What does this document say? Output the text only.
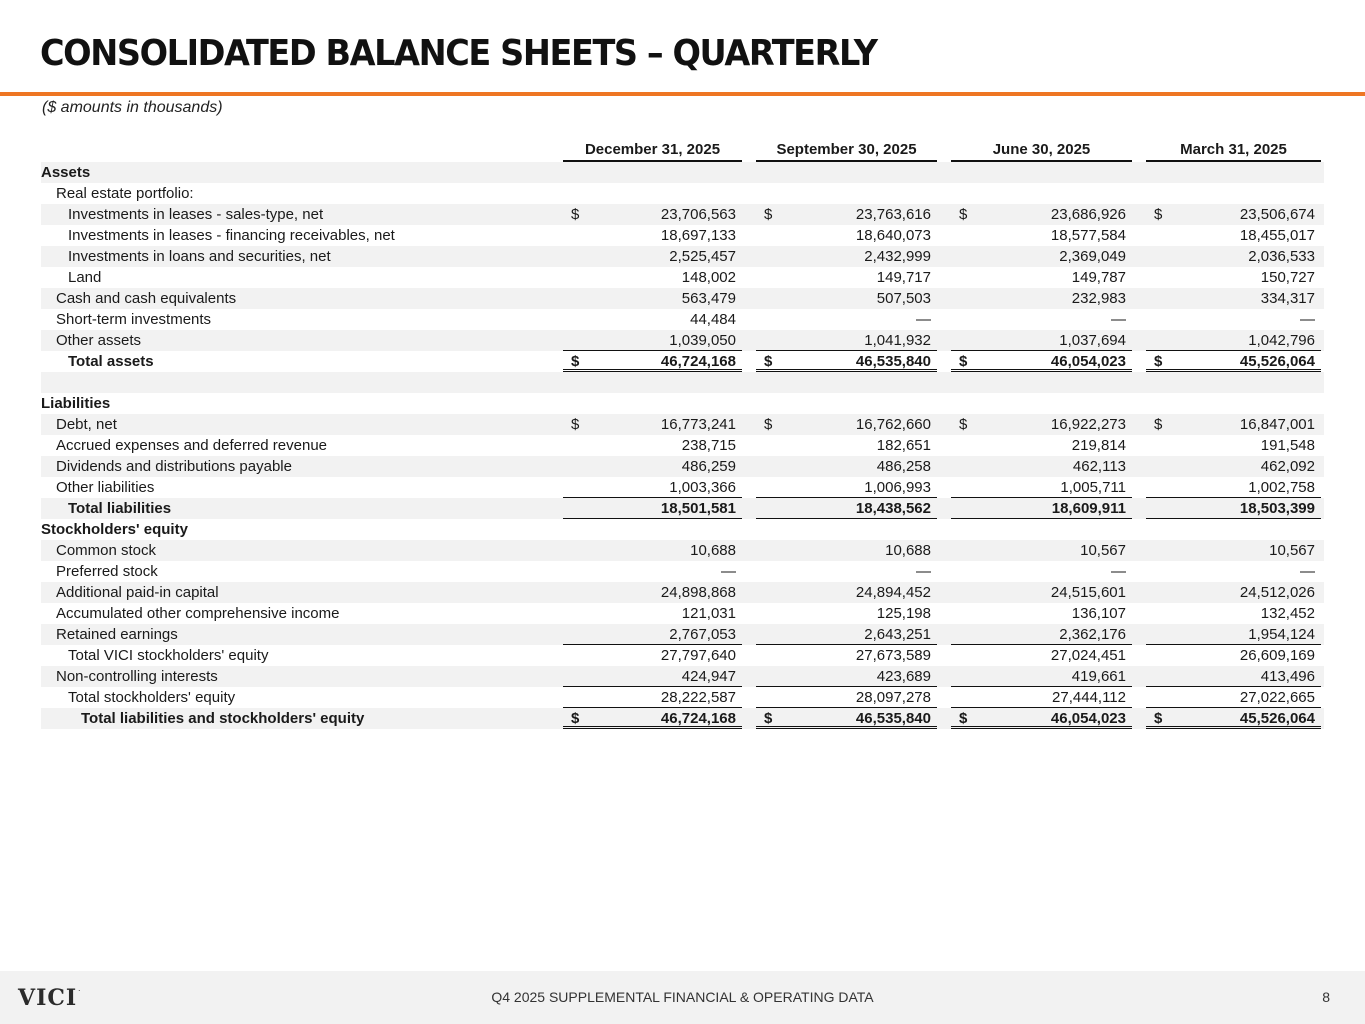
CONSOLIDATED BALANCE SHEETS – QUARTERLY
($ amounts in thousands)

	December 31, 2025	September 30, 2025	June 30, 2025	March 31, 2025

Assets	

Real estate portfolio:	

Investments in leases - sales-type, net	$ 23,706,563	$ 23,763,616	$ 23,686,926	$ 23,506,674

Investments in leases - financing receivables, net	18,697,133	18,640,073	18,577,584	18,455,017

Investments in loans and securities, net	2,525,457	2,432,999	2,369,049	2,036,533

Land	148,002	149,717	149,787	150,727

Cash and cash equivalents	563,479	507,503	232,983	334,317

Short-term investments	44,484	—	—	—

Other assets	1,039,050	1,041,932	1,037,694	1,042,796

Total assets	$ 46,724,168	$ 46,535,840	$ 46,054,023	$ 45,526,064

Liabilities	

Debt, net	$ 16,773,241	$ 16,762,660	$ 16,922,273	$ 16,847,001

Accrued expenses and deferred revenue	238,715	182,651	219,814	191,548

Dividends and distributions payable	486,259	486,258	462,113	462,092

Other liabilities	1,003,366	1,006,993	1,005,711	1,002,758

Total liabilities	18,501,581	18,438,562	18,609,911	18,503,399

Stockholders' equity	

Common stock	10,688	10,688	10,567	10,567

Preferred stock	—	—	—	—

Additional paid-in capital	24,898,868	24,894,452	24,515,601	24,512,026

Accumulated other comprehensive income	121,031	125,198	136,107	132,452

Retained earnings	2,767,053	2,643,251	2,362,176	1,954,124

Total VICI stockholders' equity	27,797,640	27,673,589	27,024,451	26,609,169

Non-controlling interests	424,947	423,689	419,661	413,496

Total stockholders' equity	28,222,587	28,097,278	27,444,112	27,022,665

Total liabilities and stockholders' equity	$ 46,724,168	$ 46,535,840	$ 46,054,023	$ 45,526,064
VICI.	Q4 2025 SUPPLEMENTAL FINANCIAL & OPERATING DATA	8
